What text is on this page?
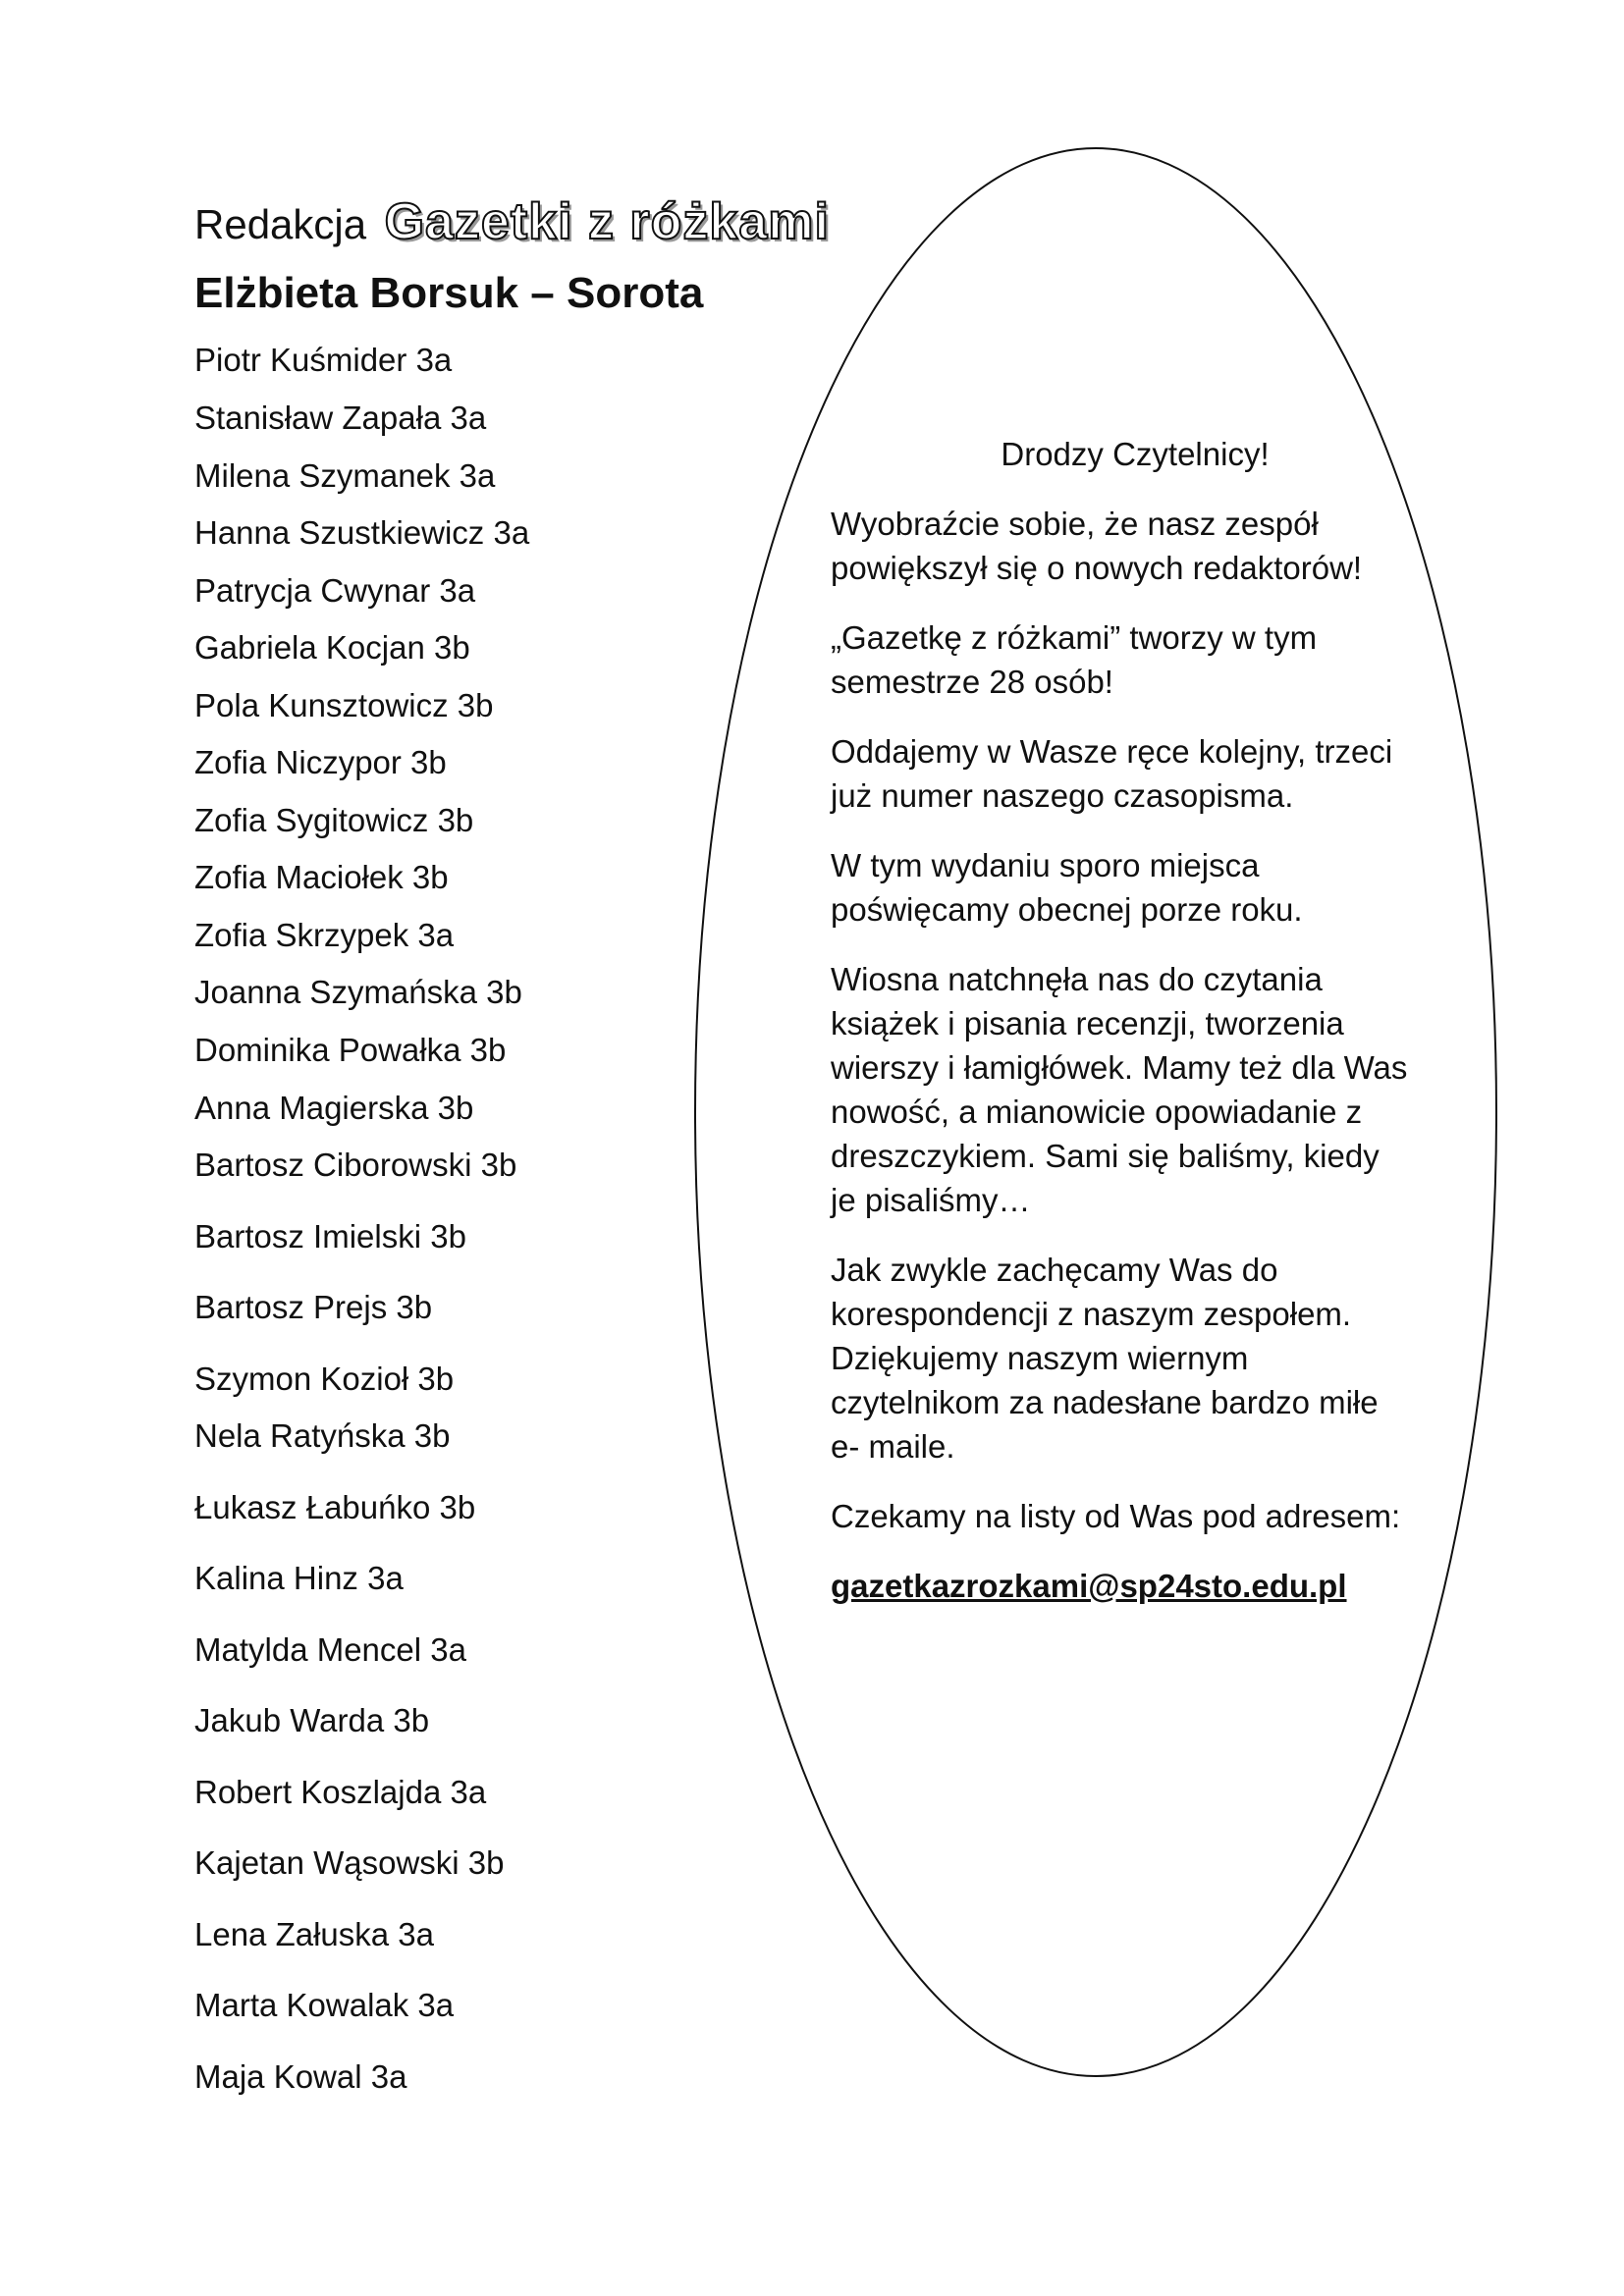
Redakcja Gazetki z różkami
Elżbieta Borsuk – Sorota
Piotr Kuśmider 3a
Stanisław Zapała 3a
Milena Szymanek 3a
Hanna Szustkiewicz 3a
Patrycja Cwynar 3a
Gabriela Kocjan 3b
Pola Kunsztowicz 3b
Zofia Niczypor 3b
Zofia Sygitowicz 3b
Zofia Maciołek 3b
Zofia Skrzypek 3a
Joanna Szymańska 3b
Dominika Powałka 3b
Anna Magierska 3b
Bartosz Ciborowski 3b
Bartosz Imielski 3b
Bartosz Prejs 3b
Szymon Kozioł 3b
Nela Ratyńska 3b
Łukasz Łabuńko 3b
Kalina Hinz 3a
Matylda Mencel 3a
Jakub Warda 3b
Robert Koszlajda 3a
Kajetan Wąsowski 3b
Lena Załuska 3a
Marta Kowalak 3a
Maja Kowal 3a

Drodzy Czytelnicy!

Wyobraźcie sobie, że nasz zespół powiększył się o nowych redaktorów!

„Gazetkę z różkami” tworzy w tym semestrze 28 osób!

Oddajemy w Wasze ręce kolejny, trzeci już numer naszego czasopisma.

W tym wydaniu sporo miejsca poświęcamy obecnej porze roku.

Wiosna natchnęła nas do czytania książek i pisania recenzji, tworzenia wierszy i łamigłówek. Mamy też dla Was nowość, a mianowicie opowiadanie z dreszczykiem. Sami się baliśmy, kiedy je pisaliśmy…

Jak zwykle zachęcamy Was do korespondencji z naszym zespołem. Dziękujemy naszym wiernym czytelnikom za nadesłane bardzo miłe e- maile.

Czekamy na listy od Was pod adresem:

gazetkazrozkami@sp24sto.edu.pl
